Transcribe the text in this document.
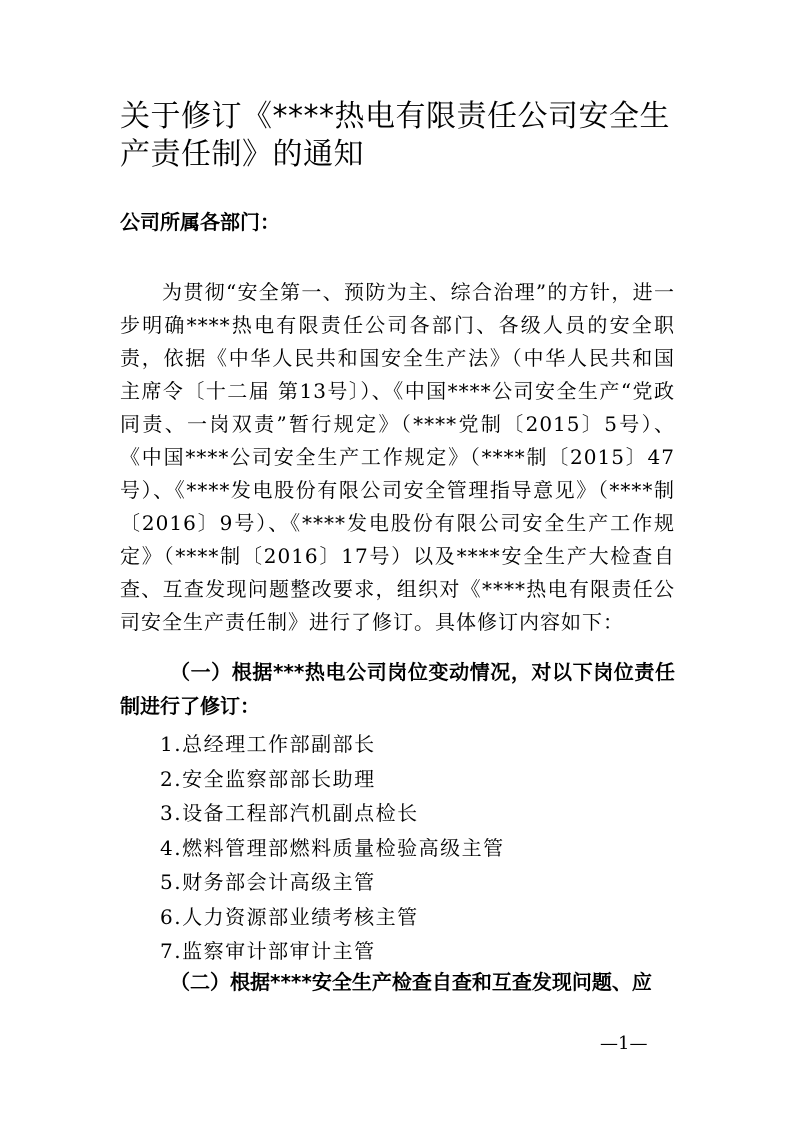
关于修订《****热电有限责任公司安全生产责任制》的通知
公司所属各部门：

为贯彻“安全第一、预防为主、综合治理”的方针，进一步明确****热电有限责任公司各部门、各级人员的安全职责，依据《中华人民共和国安全生产法》（中华人民共和国主席令〔十二届 第13号〕）、《中国****公司安全生产“党政同责、一岗双责”暂行规定》（****党制〔2015〕5号）、《中国****公司安全生产工作规定》（****制〔2015〕47号）、《****发电股份有限公司安全管理指导意见》（****制〔2016〕9号）、《****发电股份有限公司安全生产工作规定》（****制〔2016〕17号）以及****安全生产大检查自查、互查发现问题整改要求，组织对《****热电有限责任公司安全生产责任制》进行了修订。具体修订内容如下：

（一）根据***热电公司岗位变动情况，对以下岗位责任制进行了修订：
1.总经理工作部副部长
2.安全监察部部长助理
3.设备工程部汽机副点检长
4.燃料管理部燃料质量检验高级主管
5.财务部会计高级主管
6.人力资源部业绩考核主管
7.监察审计部审计主管
（二）根据****安全生产检查自查和互查发现问题、应
—1—
